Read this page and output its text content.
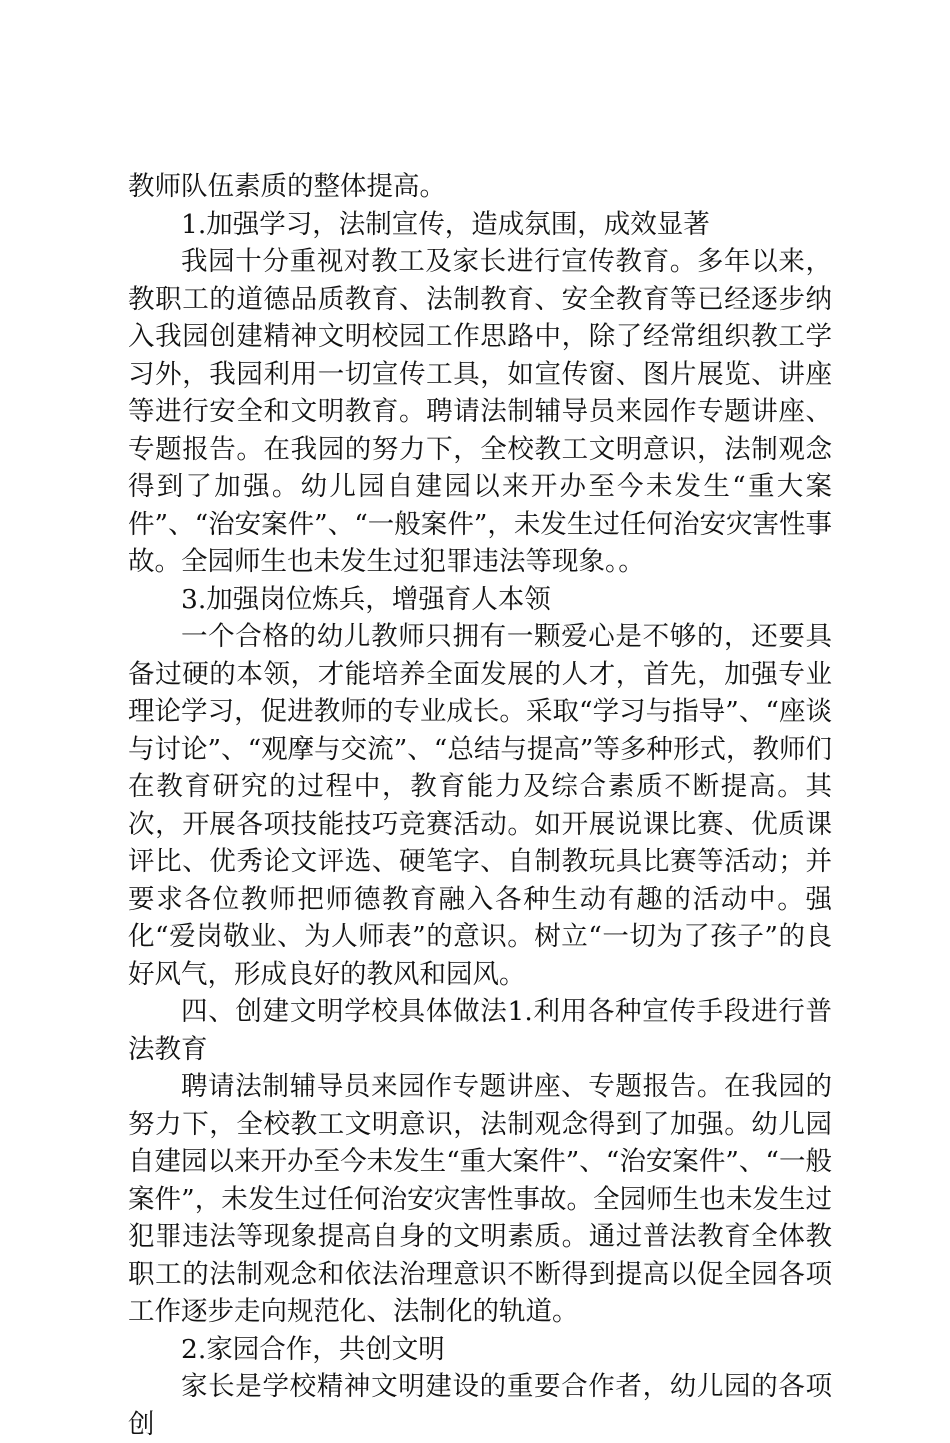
教师队伍素质的整体提高。

1.加强学习，法制宣传，造成氛围，成效显著

我园十分重视对教工及家长进行宣传教育。多年以来，教职工的道德品质教育、法制教育、安全教育等已经逐步纳入我园创建精神文明校园工作思路中，除了经常组织教工学习外，我园利用一切宣传工具，如宣传窗、图片展览、讲座等进行安全和文明教育。聘请法制辅导员来园作专题讲座、专题报告。在我园的努力下，全校教工文明意识，法制观念得到了加强。幼儿园自建园以来开办至今未发生“重大案件”、“治安案件”、“一般案件”，未发生过任何治安灾害性事故。全园师生也未发生过犯罪违法等现象。。

3.加强岗位炼兵，增强育人本领

一个合格的幼儿教师只拥有一颗爱心是不够的，还要具备过硬的本领，才能培养全面发展的人才，首先，加强专业理论学习，促进教师的专业成长。采取“学习与指导”、“座谈与讨论”、“观摩与交流”、“总结与提高”等多种形式，教师们在教育研究的过程中，教育能力及综合素质不断提高。其次，开展各项技能技巧竞赛活动。如开展说课比赛、优质课评比、优秀论文评选、硬笔字、自制教玩具比赛等活动；并要求各位教师把师德教育融入各种生动有趣的活动中。强化“爱岗敬业、为人师表”的意识。树立“一切为了孩子”的良好风气，形成良好的教风和园风。

四、创建文明学校具体做法1.利用各种宣传手段进行普法教育

聘请法制辅导员来园作专题讲座、专题报告。在我园的努力下，全校教工文明意识，法制观念得到了加强。幼儿园自建园以来开办至今未发生“重大案件”、“治安案件”、“一般案件”，未发生过任何治安灾害性事故。全园师生也未发生过犯罪违法等现象提高自身的文明素质。通过普法教育全体教职工的法制观念和依法治理意识不断得到提高以促全园各项工作逐步走向规范化、法制化的轨道。

2.家园合作，共创文明

家长是学校精神文明建设的重要合作者，幼儿园的各项创
